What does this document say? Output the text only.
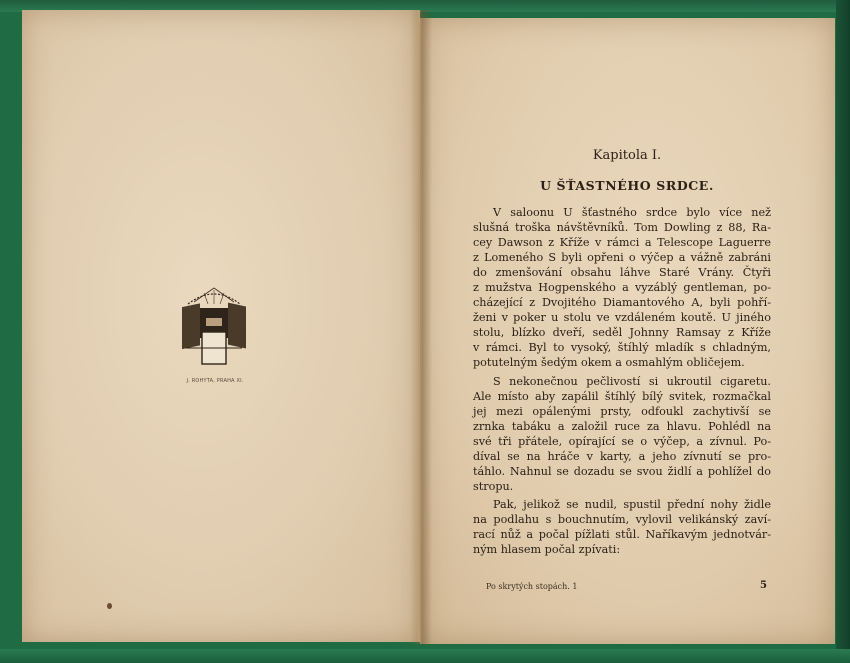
J. ROHYTA, PRAHA XI.
Kapitola I.
U ŠŤASTNÉHO SRDCE.
V saloonu U šťastného srdce bylo více než
slušná troška návštěvníků. Tom Dowling z 88, Ra-
cey Dawson z Kříže v rámci a Telescope Laguerre
z Lomeného S byli opřeni o výčep a vážně zabráni
do zmenšování obsahu láhve Staré Vrány. Čtyři
z mužstva Hogpenského a vyzáblý gentleman, po-
cházející z Dvojitého Diamantového A, byli pohří-
ženi v poker u stolu ve vzdáleném koutě. U jiného
stolu, blízko dveří, seděl Johnny Ramsay z Kříže
v rámci. Byl to vysoký, štíhlý mladík s chladným,
potutelným šedým okem a osmahlým obličejem.
S nekonečnou pečlivostí si ukroutil cigaretu.
Ale místo aby zapálil štíhlý bílý svitek, rozmačkal
jej mezi opálenými prsty, odfoukl zachytivší se
zrnka tabáku a založil ruce za hlavu. Pohlédl na
své tři přátele, opírající se o výčep, a zívnul. Po-
díval se na hráče v karty, a jeho zívnutí se pro-
táhlo. Nahnul se dozadu se svou židlí a pohlížel do
stropu.
Pak, jelikož se nudil, spustil přední nohy židle
na podlahu s bouchnutím, vylovil velikánský zaví-
rací nůž a počal pížlati stůl. Naříkavým jednotvár-
ným hlasem počal zpívati:
Po skrytých stopách. 1	5
